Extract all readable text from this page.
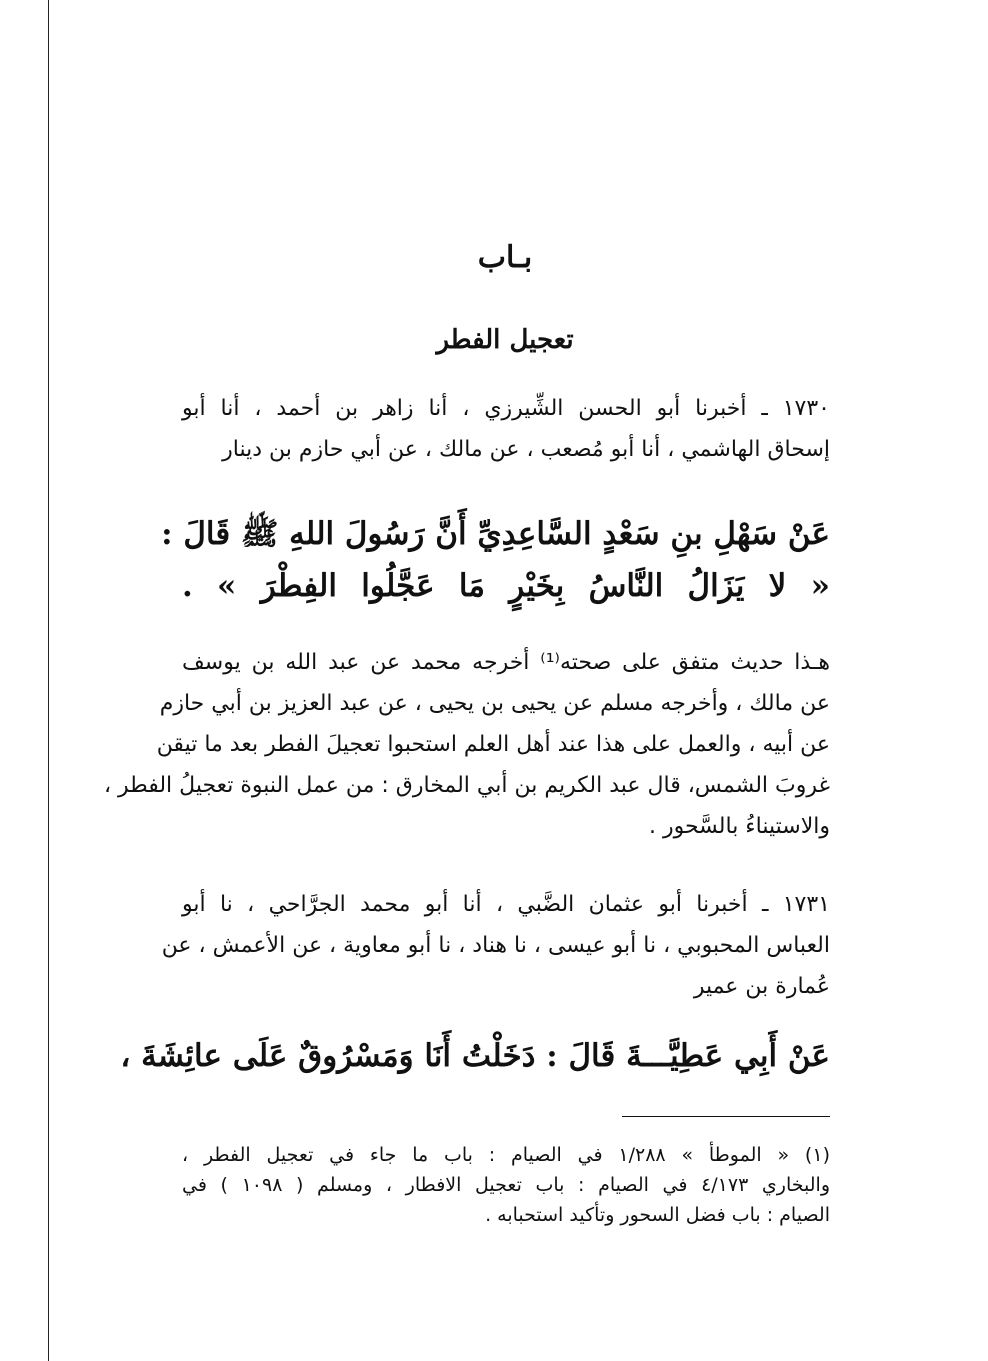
بـاب
تعجيل الفطر
١٧٣٠ ـ أخبرنا أبو الحسن الشِّيرزي ، أنا زاهر بن أحمد ، أنا أبو
إسحاق الهاشمي ، أنا أبو مُصعب ، عن مالك ، عن أبي حازم بن دينار
عَنْ سَهْلِ بنِ سَعْدٍ السَّاعِدِيِّ أَنَّ رَسُولَ اللهِ ﷺ قَالَ :
« لا يَزَالُ النَّاسُ بِخَيْرٍ مَا عَجَّلُوا الفِطْرَ » .
هـذا حديث متفق على صحته⁽¹⁾ أخرجه محمد عن عبد الله بن يوسف
عن مالك ، وأخرجه مسلم عن يحيى بن يحيى ، عن عبد العزيز بن أبي حازم
عن أبيه ، والعمل على هذا عند أهل العلم استحبوا تعجيلَ الفطر بعد ما تيقن
غروبَ الشمس، قال عبد الكريم بن أبي المخارق : من عمل النبوة تعجيلُ الفطر ،
والاستيناءُ بالسَّحور .
١٧٣١ ـ أخبرنا أبو عثمان الضَّبي ، أنا أبو محمد الجرَّاحي ، نا أبو
العباس المحبوبي ، نا أبو عيسى ، نا هناد ، نا أبو معاوية ، عن الأعمش ، عن
عُمارة بن عمير
عَنْ أَبِي عَطِيَّـــةَ قَالَ : دَخَلْتُ أَنَا وَمَسْرُوقٌ عَلَى عائِشَةَ ،
(١) « الموطأ » ١/٢٨٨ في الصيام : باب ما جاء في تعجيل الفطر ،
والبخاري ٤/١٧٣ في الصيام : باب تعجيل الافطار ، ومسلم ( ١٠٩٨ ) في
الصيام : باب فضل السحور وتأكيد استحبابه .
